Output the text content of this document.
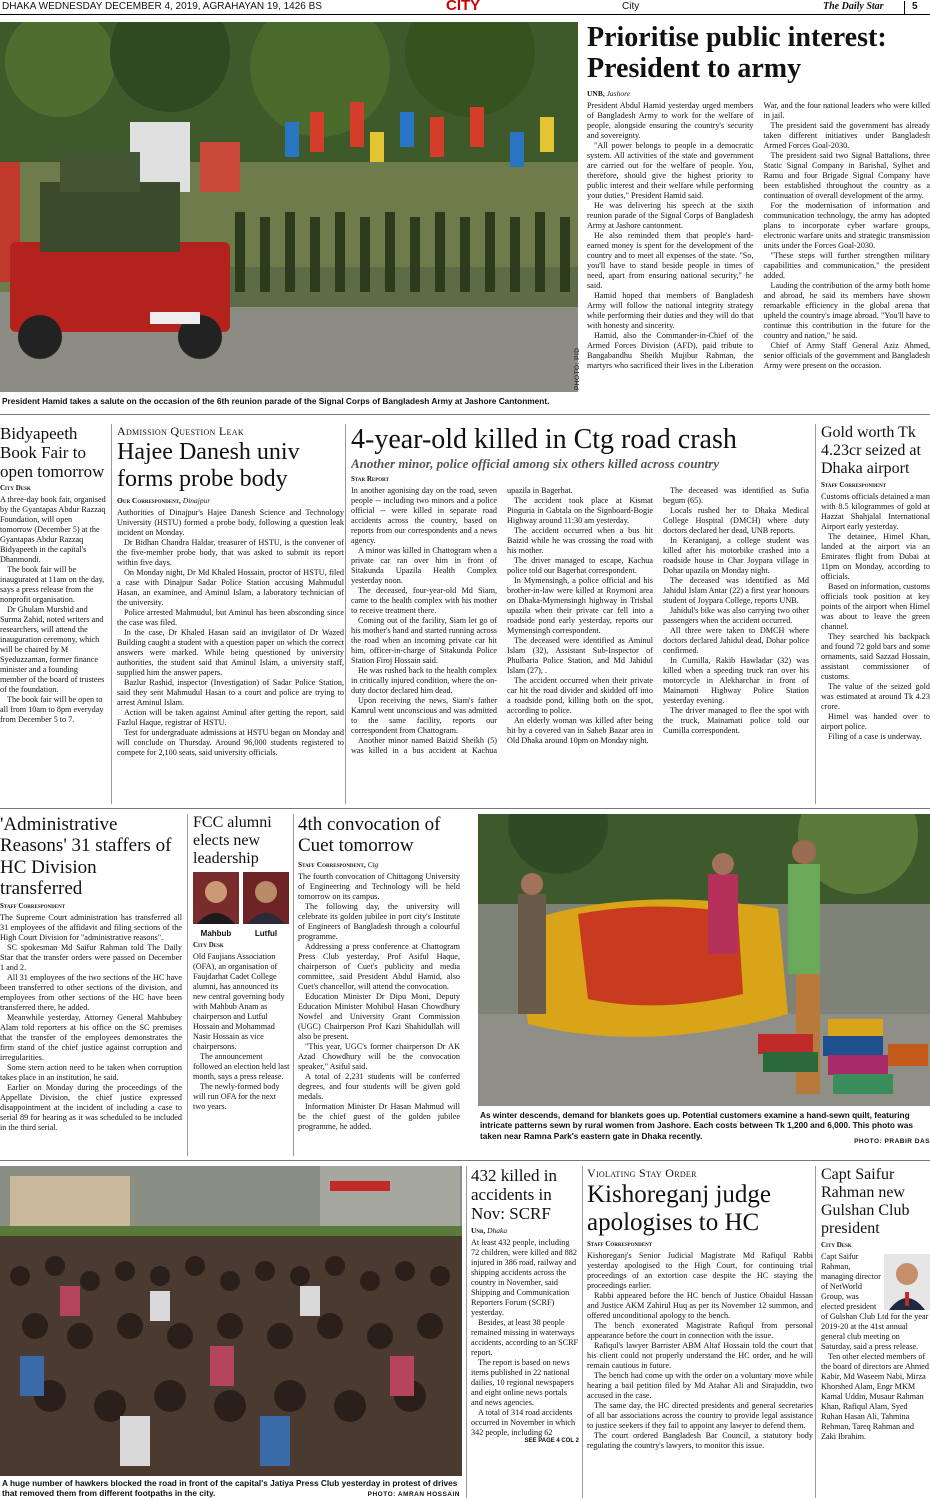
DHAKA WEDNESDAY DECEMBER 4, 2019, AGRAHAYAN 19, 1426 BS	CITY	City	The Daily Star	5
PHOTO: PID
President Hamid takes a salute on the occasion of the 6th reunion parade of the Signal Corps of Bangladesh Army at Jashore Cantonment.
Prioritise public interest: President to army
UNB, Jashore

President Abdul Hamid yesterday urged members of Bangladesh Army to work for the welfare of people, alongside ensuring the country's security and sovereignty.

"All power belongs to people in a democratic system. All activities of the state and government are carried out for the welfare of people. You, therefore, should give the highest priority to public interest and their welfare while performing your duties," President Hamid said.

He was delivering his speech at the sixth reunion parade of the Signal Corps of Bangladesh Army at Jashore cantonment.

He also reminded them that people's hard-earned money is spent for the development of the country and to meet all expenses of the state. "So, you'll have to stand beside people in times of need, apart from ensuring national security," he said.

Hamid hoped that members of Bangladesh Army will follow the national integrity strategy while performing their duties and they will do that with honesty and sincerity.

Hamid, also the Commander-in-Chief of the Armed Forces Division (AFD), paid tribute to Bangabandhu Sheikh Mujibur Rahman, the martyrs who sacrificed their lives in the Liberation War, and the four national leaders who were killed in jail.

The president said the government has already taken different initiatives under Bangladesh Armed Forces Goal-2030.

The president said two Signal Battalions, three Static Signal Company in Barishal, Sylhet and Ramu and four Brigade Signal Company have been established throughout the country as a continuation of overall development of the army.

For the modernisation of information and communication technology, the army has adopted plans to incorporate cyber warfare groups, electronic warfare units and strategic transmission units under the Forces Goal-2030.

"These steps will further strengthen military capabilities and communication," the president added.

Lauding the contribution of the army both home and abroad, he said its members have shown remarkable efficiency in the global arena that upheld the country's image abroad. "You'll have to continue this contribution in the future for the country and nation," he said.

Chief of Army Staff General Aziz Ahmed, senior officials of the government and Bangladesh Army were present on the occasion.

Bidyapeeth Book Fair to open tomorrow
City Desk

A three-day book fair, organised by the Gyantapas Abdur Razzaq Foundation, will open tomorrow (December 5) at the Gyantapas Abdur Razzaq Bidyapeeth in the capital's Dhanmondi.

The book fair will be inaugurated at 11am on the day, says a press release from the nonprofit organisation.

Dr Ghulam Murshid and Surma Zahid, noted writers and researchers, will attend the inauguration ceremony, which will be chaired by M Syeduzzaman, former finance minister and a founding member of the board of trustees of the foundation.

The book fair will be open to all from 10am to 8pm everyday from December 5 to 7.

Admission Question Leak
Hajee Danesh univ forms probe body
Our Correspondent, Dinajpur

Authorities of Dinajpur's Hajee Danesh Science and Technology University (HSTU) formed a probe body, following a question leak incident on Monday.

Dr Bidhan Chandra Haldar, treasurer of HSTU, is the convener of the five-member probe body, that was asked to submit its report within five days.

On Monday night, Dr Md Khaled Hossain, proctor of HSTU, filed a case with Dinajpur Sadar Police Station accusing Mahmudul Hasan, an examinee, and Aminul Islam, a laboratory technician of the university.

Police arrested Mahmudul, but Aminul has been absconding since the case was filed.

In the case, Dr Khaled Hasan said an invigilator of Dr Wazed Building caught a student with a question paper on which the correct answers were marked. While being questioned by university authorities, the student said that Aminul Islam, a university staff, supplied him the answer papers.

Bazlur Rashid, inspector (Investigation) of Sadar Police Station, said they sent Mahmudul Hasan to a court and police are trying to arrest Aminul Islam.

Action will be taken against Aminul after getting the report, said Fazlul Haque, registrar of HSTU.

Test for undergraduate admissions at HSTU began on Monday and will conclude on Thursday. Around 96,000 students registered to compete for 2,100 seats, said university officials.

4-year-old killed in Ctg road crash
Another minor, police official among six others killed across country
Star Report

In another agonising day on the road, seven people -- including two minors and a police official -- were killed in separate road accidents across the country, based on reports from our correspondents and a news agency.

A minor was killed in Chattogram when a private car ran over him in front of Sitakunda Upazila Health Complex yesterday noon.

The deceased, four-year-old Md Siam, came to the health complex with his mother to receive treatment there.

Coming out of the facility, Siam let go of his mother's hand and started running across the road when an incoming private car hit him, officer-in-charge of Sitakunda Police Station Firoj Hossain said.

He was rushed back to the health complex in critically injured condition, where the on-duty doctor declared him dead.

Upon receiving the news, Siam's father Kamrul went unconscious and was admitted to the same facility, reports our correspondent from Chattogram.

Another minor named Baizid Sheikh (5) was killed in a bus accident at Kachua upazila in Bagerhat.

The accident took place at Kismat Pinguria in Gabtala on the Signboard-Bogie Highway around 11:30 am yesterday.

The accident occurred when a bus hit Baizid while he was crossing the road with his mother.

The driver managed to escape, Kachua police told our Bagerhat correspondent.

In Mymensingh, a police official and his brother-in-law were killed at Roymoni area on Dhaka-Mymensingh highway in Trishal upazila when their private car fell into a roadside pond early yesterday, reports our Mymensingh correspondent.

The deceased were identified as Aminul Islam (32), Assistant Sub-Inspector of Phulbaria Police Station, and Md Jahidul Islam (27), .

The accident occurred when their private car hit the road divider and skidded off into a roadside pond, killing both on the spot, according to police.

An elderly woman was killed after being hit by a covered van in Saheb Bazar area in Old Dhaka around 10pm on Monday night.

The deceased was identified as Sufia begum (65).

Locals rushed her to Dhaka Medical College Hospital (DMCH) where duty doctors declared her dead, UNB reports.

In Keraniganj, a college student was killed after his motorbike crashed into a roadside house in Char Joypara village in Dohar upazila on Monday night.

The deceased was identified as Md Jahidul Islam Antar (22) a first year honours student of Joypara College, reports UNB.

Jahidul's bike was also carrying two other passengers when the accident occurred.

All three were taken to DMCH where doctors declared Jahidul dead, Dohar police confirmed.

In Cumilla, Rakib Hawladar (32) was killed when a speeding truck ran over his motorcycle in Alekharchar in front of Mainamoti Highway Police Station yesterday evening.

The driver managed to flee the spot with the truck, Mainamati police told our Cumilla correspondent.

Gold worth Tk 4.23cr seized at Dhaka airport
Staff Correspondent

Customs officials detained a man with 8.5 kilogrammes of gold at Hazzat Shahjalal International Airport early yesterday.

The detainee, Himel Khan, landed at the airport via an Emirates flight from Dubai at 11pm on Monday, according to officials.

Based on information, customs officials took position at key points of the airport when Himel was about to leave the green channel.

They searched his backpack and found 72 gold bars and some ornaments, said Sazzad Hossain, assistant commissioner of customs.

The value of the seized gold was estimated at around Tk 4.23 crore.

Himel was handed over to airport police.

Filing of a case is underway.

'Administrative Reasons' 31 staffers of HC Division transferred
Staff Correspondent

The Supreme Court administration has transferred all 31 employees of the affidavit and filing sections of the High Court Division for "administrative reasons".

SC spokesman Md Saifur Rahman told The Daily Star that the transfer orders were passed on December 1 and 2.

All 31 employees of the two sections of the HC have been transferred to other sections of the division, and employees from other sections of the HC have been transferred there, he added.

Meanwhile yesterday, Attorney General Mahbubey Alam told reporters at his office on the SC premises that the transfer of the employees demonstrates the firm stand of the chief justice against corruption and irregularities.

Some stern action need to be taken when corruption takes place in an institution, he said.

Earlier on Monday during the proceedings of the Appellate Division, the chief justice expressed disappointment at the incident of including a case to serial 89 for hearing as it was scheduled to be included in the third serial.

FCC alumni elects new leadership
Mahbub	Lutful
City Desk

Old Faujians Association (OFA), an organisation of Faujdarhat Cadet College alumni, has announced its new central governing body with Mahbub Anam as chairperson and Lutful Hossain and Mohammad Nasir Hossain as vice chairpersons.

The announcement followed an election held last month, says a press release.

The newly-formed body will run OFA for the next two years.

4th convocation of Cuet tomorrow
Staff Correspondent, Ctg

The fourth convocation of Chittagong University of Engineering and Technology will be held tomorrow on its campus.

The following day, the university will celebrate its golden jubilee in port city's Institute of Engineers of Bangladesh through a colourful programme.

Addressing a press conference at Chattogram Press Club yesterday, Prof Asiful Haque, chairperson of Cuet's publicity and media committee, said President Abdul Hamid, also Cuet's chancellor, will attend the convocation.

Education Minister Dr Dipu Moni, Deputy Education Minister Mohibul Hasan Chowdhury Nowfel and University Grant Commission (UGC) Chairperson Prof Kazi Shahidullah will also be present.

"This year, UGC's former chairperson Dr AK Azad Chowdhury will be the convocation speaker," Asiful said.

A total of 2,231 students will be conferred degrees, and four students will be given gold medals.

Information Minister Dr Hasan Mahmud will be the chief guest of the golden jubilee programme, he added.

As winter descends, demand for blankets goes up. Potential customers examine a hand-sewn quilt, featuring intricate patterns sewn by rural women from Jashore. Each costs between Tk 1,200 and 6,000. This photo was taken near Ramna Park's eastern gate in Dhaka recently.
PHOTO: PRABIR DAS
A huge number of hawkers blocked the road in front of the capital's Jatiya Press Club yesterday in protest of drives that removed them from different footpaths in the city.	PHOTO: AMRAN HOSSAIN
432 killed in accidents in Nov: SCRF
Unb, Dhaka

At least 432 people, including 72 children, were killed and 882 injured in 386 road, railway and shipping accidents across the country in November, said Shipping and Communication Reporters Forum (SCRF) yesterday.

Besides, at least 38 people remained missing in waterways accidents, according to an SCRF report.

The report is based on news items published in 22 national dailies, 10 regional newspapers and eight online news portals and news agencies.

A total of 314 road accidents occurred in November in which 342 people, including 62

SEE PAGE 4 COL 2
Violating Stay Order
Kishoreganj judge apologises to HC
Staff Correspondent

Kishoreganj's Senior Judicial Magistrate Md Rafiqul Rabbi yesterday apologised to the High Court, for continuing trial proceedings of an extortion case despite the HC staying the proceedings earlier.

Rabbi appeared before the HC bench of Justice Obaidul Hassan and Justice AKM Zahirul Huq as per its November 12 summon, and offered unconditional apology to the bench.

The bench exonerated Magistrate Rafiqul from personal appearance before the court in connection with the issue.

Rafiqul's lawyer Barrister ABM Altaf Hossain told the court that his client could not properly understand the HC order, and he will remain cautious in future.

The bench had come up with the order on a voluntary move while hearing a bail petition filed by Md Atahar Ali and Sirajuddin, two accused in the case.

The same day, the HC directed presidents and general secretaries of all bar associations across the country to provide legal assistance to justice seekers if they fail to appoint any lawyer to defend them.

The court ordered Bangladesh Bar Council, a statutory body regulating the country's lawyers, to monitor this issue.

Capt Saifur Rahman new Gulshan Club president
City Desk

Capt Saifur Rahman, managing director of NetWorld Group, was elected president of Gulshan Club Ltd for the year 2019-20 at the 41st annual general club meeting on Saturday, said a press release.

Ten other elected members of the board of directors are Ahmed Kabir, Md Waseem Nabi, Mirza Khorshed Alam, Engr MKM Kamal Uddin, Musaur Rahman Khan, Rafiqul Alam, Syed Ruhan Hasan Ali, Tahmina Rehman, Tareq Rahman and Zaki Ibrahim.
